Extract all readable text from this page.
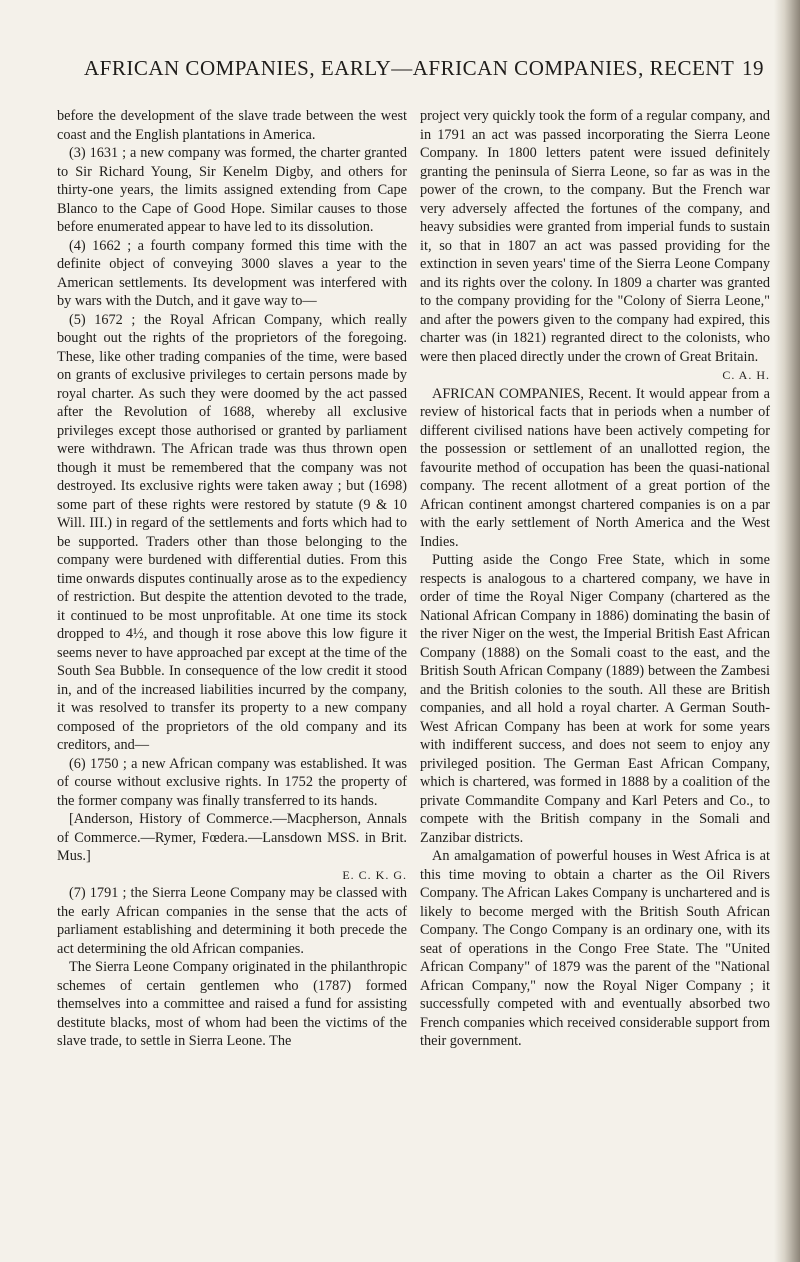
AFRICAN COMPANIES, EARLY—AFRICAN COMPANIES, RECENT 19

before the development of the slave trade between the west coast and the English plantations in America.

(3) 1631 ; a new company was formed, the charter granted to Sir Richard Young, Sir Kenelm Digby, and others for thirty-one years, the limits assigned extending from Cape Blanco to the Cape of Good Hope. Similar causes to those before enumerated appear to have led to its dissolution.

(4) 1662 ; a fourth company formed this time with the definite object of conveying 3000 slaves a year to the American settlements. Its development was interfered with by wars with the Dutch, and it gave way to—

(5) 1672 ; the Royal African Company, which really bought out the rights of the proprietors of the foregoing. These, like other trading companies of the time, were based on grants of exclusive privileges to certain persons made by royal charter. As such they were doomed by the act passed after the Revolution of 1688, whereby all exclusive privileges except those authorised or granted by parliament were withdrawn. The African trade was thus thrown open though it must be remembered that the company was not destroyed. Its exclusive rights were taken away ; but (1698) some part of these rights were restored by statute (9 & 10 Will. III.) in regard of the settlements and forts which had to be supported. Traders other than those belonging to the company were burdened with differential duties. From this time onwards disputes continually arose as to the expediency of restriction. But despite the attention devoted to the trade, it continued to be most unprofitable. At one time its stock dropped to 4½, and though it rose above this low figure it seems never to have approached par except at the time of the South Sea Bubble. In consequence of the low credit it stood in, and of the increased liabilities incurred by the company, it was resolved to transfer its property to a new company composed of the proprietors of the old company and its creditors, and—

(6) 1750 ; a new African company was established. It was of course without exclusive rights. In 1752 the property of the former company was finally transferred to its hands.

[Anderson, History of Commerce.—Macpherson, Annals of Commerce.—Rymer, Fœdera.—Lansdown MSS. in Brit. Mus.]

E. C. K. G.

(7) 1791 ; the Sierra Leone Company may be classed with the early African companies in the sense that the acts of parliament establishing and determining it both precede the act determining the old African companies.

The Sierra Leone Company originated in the philanthropic schemes of certain gentlemen who (1787) formed themselves into a committee and raised a fund for assisting destitute blacks, most of whom had been the victims of the slave trade, to settle in Sierra Leone. The

project very quickly took the form of a regular company, and in 1791 an act was passed incorporating the Sierra Leone Company. In 1800 letters patent were issued definitely granting the peninsula of Sierra Leone, so far as was in the power of the crown, to the company. But the French war very adversely affected the fortunes of the company, and heavy subsidies were granted from imperial funds to sustain it, so that in 1807 an act was passed providing for the extinction in seven years' time of the Sierra Leone Company and its rights over the colony. In 1809 a charter was granted to the company providing for the "Colony of Sierra Leone," and after the powers given to the company had expired, this charter was (in 1821) regranted direct to the colonists, who were then placed directly under the crown of Great Britain.

C. A. H.

AFRICAN COMPANIES, Recent. It would appear from a review of historical facts that in periods when a number of different civilised nations have been actively competing for the possession or settlement of an unallotted region, the favourite method of occupation has been the quasi-national company. The recent allotment of a great portion of the African continent amongst chartered companies is on a par with the early settlement of North America and the West Indies.

Putting aside the Congo Free State, which in some respects is analogous to a chartered company, we have in order of time the Royal Niger Company (chartered as the National African Company in 1886) dominating the basin of the river Niger on the west, the Imperial British East African Company (1888) on the Somali coast to the east, and the British South African Company (1889) between the Zambesi and the British colonies to the south. All these are British companies, and all hold a royal charter. A German South-West African Company has been at work for some years with indifferent success, and does not seem to enjoy any privileged position. The German East African Company, which is chartered, was formed in 1888 by a coalition of the private Commandite Company and Karl Peters and Co., to compete with the British company in the Somali and Zanzibar districts.

An amalgamation of powerful houses in West Africa is at this time moving to obtain a charter as the Oil Rivers Company. The African Lakes Company is unchartered and is likely to become merged with the British South African Company. The Congo Company is an ordinary one, with its seat of operations in the Congo Free State. The "United African Company" of 1879 was the parent of the "National African Company," now the Royal Niger Company ; it successfully competed with and eventually absorbed two French companies which received considerable support from their government.
